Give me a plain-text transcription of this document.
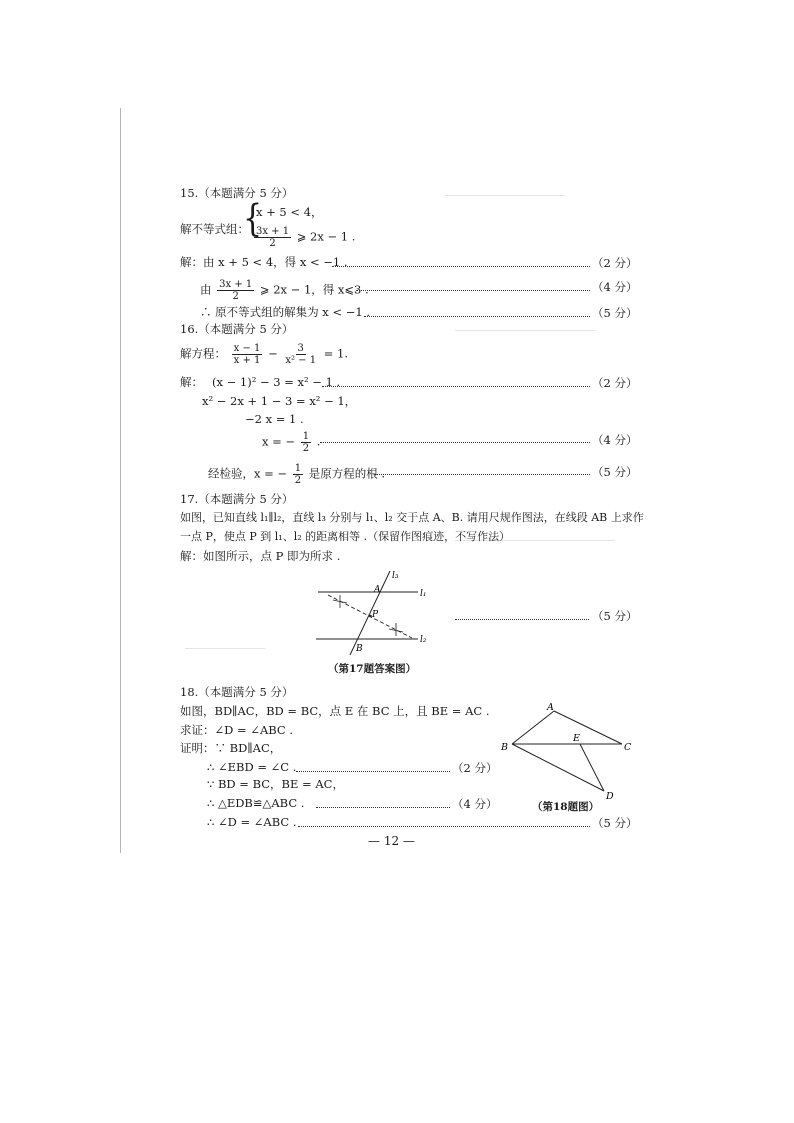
15.（本题满分 5 分）
解不等式组：
{
x + 5 < 4，
$\frac{3x + 1}{2}$ ⩾ 2x − 1 .
解：由 x + 5 < 4，得 x < −1 .	（2 分）
由 $\frac{3x + 1}{2}$ ⩾ 2x − 1，得 x⩽3 .	（4 分）
∴ 原不等式组的解集为 x < −1 .	（5 分）
16.（本题满分 5 分）
解方程： $\frac{x - 1}{x + 1} - \frac{3}{\text{x² − 1}} = 1$.
解： (x − 1)² − 3 = x² − 1 .	（2 分）
x² − 2x + 1 − 3 = x² − 1，
−2 x = 1 .
x = − $\frac{1}{2}$ .	（4 分）
经检验，x = − $\frac{1}{2}$ 是原方程的根 .	（5 分）
17.（本题满分 5 分）
如图，已知直线 l₁∥l₂，直线 l₃ 分别与 l₁、l₂ 交于点 A、B. 请用尺规作图法，在线段 AB 上求作
一点 P，使点 P 到 l₁、l₂ 的距离相等 .（保留作图痕迹，不写作法）
解：如图所示，点 P 即为所求 .
A
B
P
l₁
l₂
l₃
（5 分）
（第17题答案图）
18.（本题满分 5 分）
如图，BD∥AC，BD = BC，点 E 在 BC 上，且 BE = AC .
求证：∠D = ∠ABC .
证明：∵ BD∥AC，
∴ ∠EBD = ∠C .	（2 分）
∵ BD = BC，BE = AC，
∴ △EDB≌△ABC .	（4 分）
∴ ∠D = ∠ABC .	（5 分）
A
B	C
D
E
（第18题图）
— 12 —
